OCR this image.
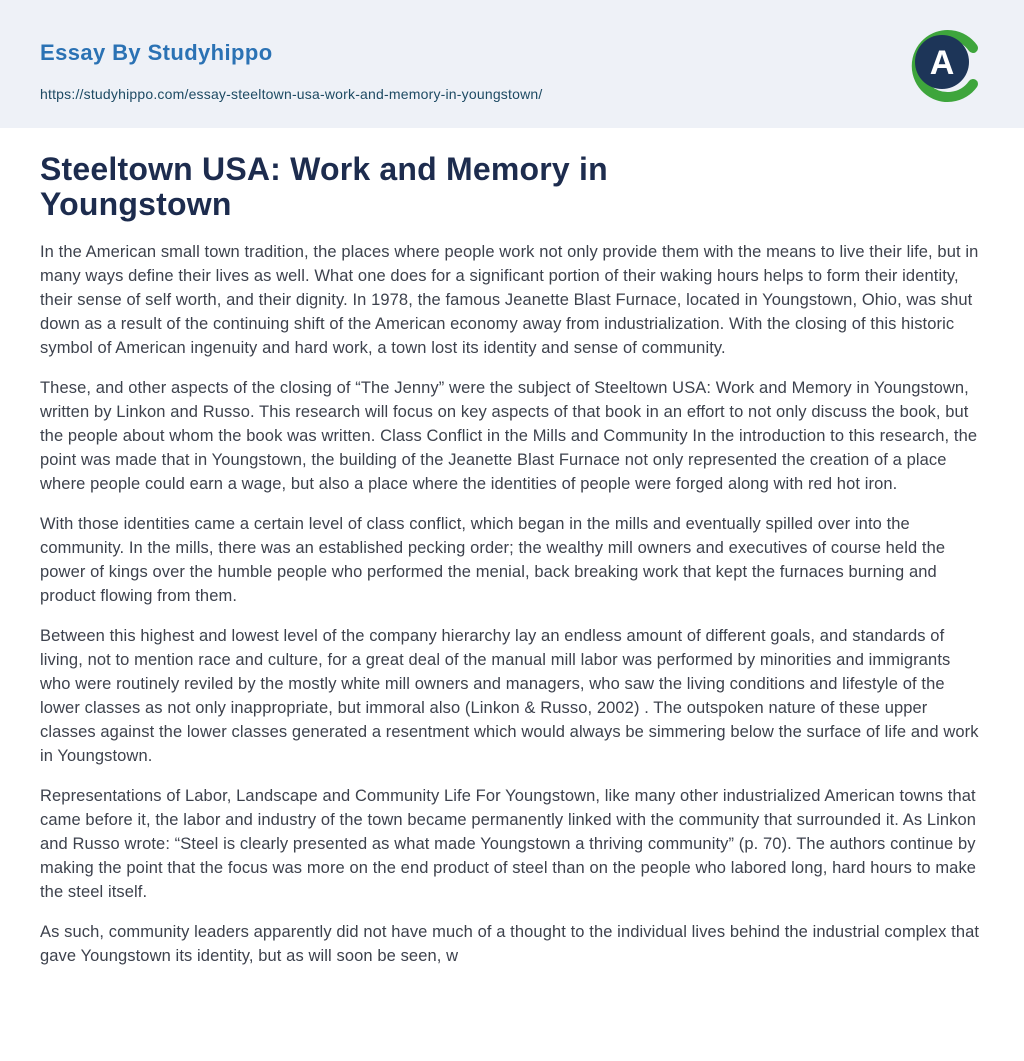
Essay By Studyhippo
https://studyhippo.com/essay-steeltown-usa-work-and-memory-in-youngstown/
A
Steeltown USA: Work and Memory in Youngstown

In the American small town tradition, the places where people work not only provide them with the means to live their life, but in many ways define their lives as well. What one does for a significant portion of their waking hours helps to form their identity, their sense of self worth, and their dignity. In 1978, the famous Jeanette Blast Furnace, located in Youngstown, Ohio, was shut down as a result of the continuing shift of the American economy away from industrialization. With the closing of this historic symbol of American ingenuity and hard work, a town lost its identity and sense of community.

These, and other aspects of the closing of “The Jenny” were the subject of Steeltown USA: Work and Memory in Youngstown, written by Linkon and Russo. This research will focus on key aspects of that book in an effort to not only discuss the book, but the people about whom the book was written. Class Conflict in the Mills and Community In the introduction to this research, the point was made that in Youngstown, the building of the Jeanette Blast Furnace not only represented the creation of a place where people could earn a wage, but also a place where the identities of people were forged along with red hot iron.

With those identities came a certain level of class conflict, which began in the mills and eventually spilled over into the community. In the mills, there was an established pecking order; the wealthy mill owners and executives of course held the power of kings over the humble people who performed the menial, back breaking work that kept the furnaces burning and product flowing from them.

Between this highest and lowest level of the company hierarchy lay an endless amount of different goals, and standards of living, not to mention race and culture, for a great deal of the manual mill labor was performed by minorities and immigrants who were routinely reviled by the mostly white mill owners and managers, who saw the living conditions and lifestyle of the lower classes as not only inappropriate, but immoral also (Linkon & Russo, 2002) . The outspoken nature of these upper classes against the lower classes generated a resentment which would always be simmering below the surface of life and work in Youngstown.

Representations of Labor, Landscape and Community Life For Youngstown, like many other industrialized American towns that came before it, the labor and industry of the town became permanently linked with the community that surrounded it. As Linkon and Russo wrote: “Steel is clearly presented as what made Youngstown a thriving community” (p. 70). The authors continue by making the point that the focus was more on the end product of steel than on the people who labored long, hard hours to make the steel itself.

As such, community leaders apparently did not have much of a thought to the individual lives behind the industrial complex that gave Youngstown its identity, but as will soon be seen, w
